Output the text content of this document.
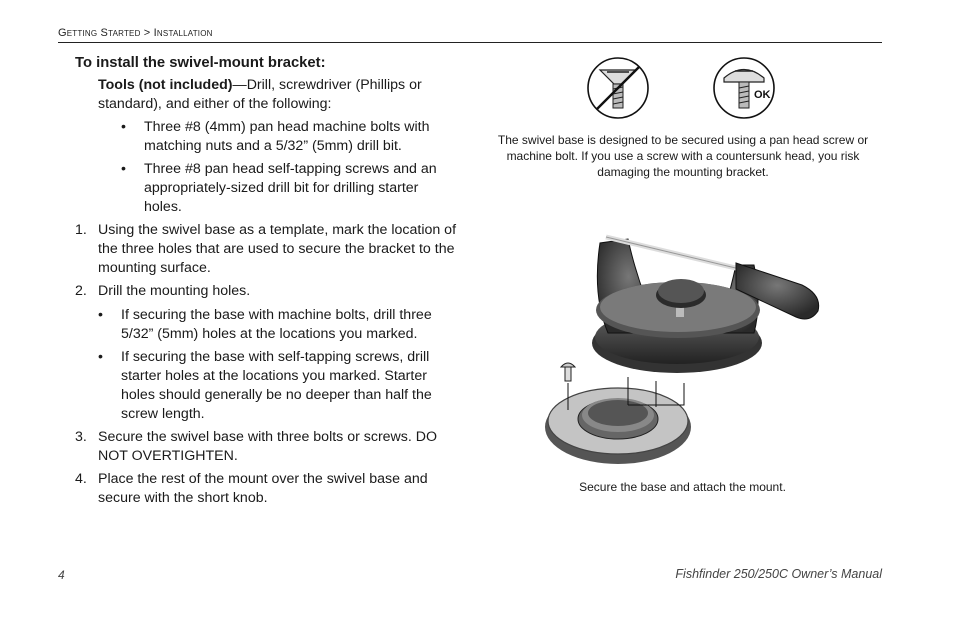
Getting Started > Installation
To install the swivel-mount bracket:
Tools (not included)—Drill, screwdriver (Phillips or standard), and either of the following:
• Three #8 (4mm) pan head machine bolts with matching nuts and a 5/32” (5mm) drill bit.
• Three #8 pan head self-tapping screws and an appropriately-sized drill bit for drilling starter holes.
1. Using the swivel base as a template, mark the location of the three holes that are used to secure the bracket to the mounting surface.
2. Drill the mounting holes.
• If securing the base with machine bolts, drill three 5/32” (5mm) holes at the locations you marked.
• If securing the base with self-tapping screws, drill starter holes at the locations you marked. Starter holes should generally be no deeper than half the screw length.
3. Secure the swivel base with three bolts or screws. DO NOT OVERTIGHTEN.
4. Place the rest of the mount over the swivel base and secure with the short knob.
OK
The swivel base is designed to be secured using a pan head screw or machine bolt. If you use a screw with a countersunk head, you risk damaging the mounting bracket.
Secure the base and attach the mount.
4	Fishfinder 250/250C Owner’s Manual
